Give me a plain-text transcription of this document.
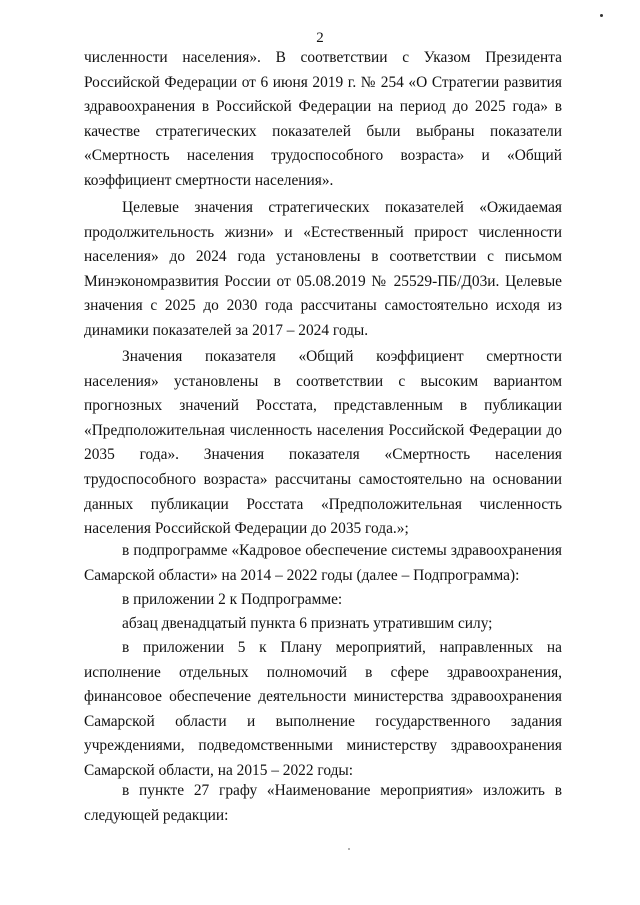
2

численности населения». В соответствии с Указом Президента Российской Федерации от 6 июня 2019 г. № 254 «О Стратегии развития здравоохранения в Российской Федерации на период до 2025 года» в качестве стратегических показателей были выбраны показатели «Смертность населения трудоспособного возраста» и «Общий коэффициент смертности населения».

Целевые значения стратегических показателей «Ожидаемая продолжительность жизни» и «Естественный прирост численности населения» до 2024 года установлены в соответствии с письмом Минэкономразвития России от 05.08.2019 № 25529-ПБ/Д03и. Целевые значения с 2025 до 2030 года рассчитаны самостоятельно исходя из динамики показателей за 2017 – 2024 годы.

Значения показателя «Общий коэффициент смертности населения» установлены в соответствии с высоким вариантом прогнозных значений Росстата, представленным в публикации «Предположительная численность населения Российской Федерации до 2035 года». Значения показателя «Смертность населения трудоспособного возраста» рассчитаны самостоятельно на основании данных публикации Росстата «Предположительная численность населения Российской Федерации до 2035 года.»;

в подпрограмме «Кадровое обеспечение системы здравоохранения Самарской области» на 2014 – 2022 годы (далее – Подпрограмма):

в приложении 2 к Подпрограмме:

абзац двенадцатый пункта 6 признать утратившим силу;

в приложении 5 к Плану мероприятий, направленных на исполнение отдельных полномочий в сфере здравоохранения, финансовое обеспечение деятельности министерства здравоохранения Самарской области и выполнение государственного задания учреждениями, подведомственными министерству здравоохранения Самарской области, на 2015 – 2022 годы:

в пункте 27 графу «Наименование мероприятия» изложить в следующей редакции:
